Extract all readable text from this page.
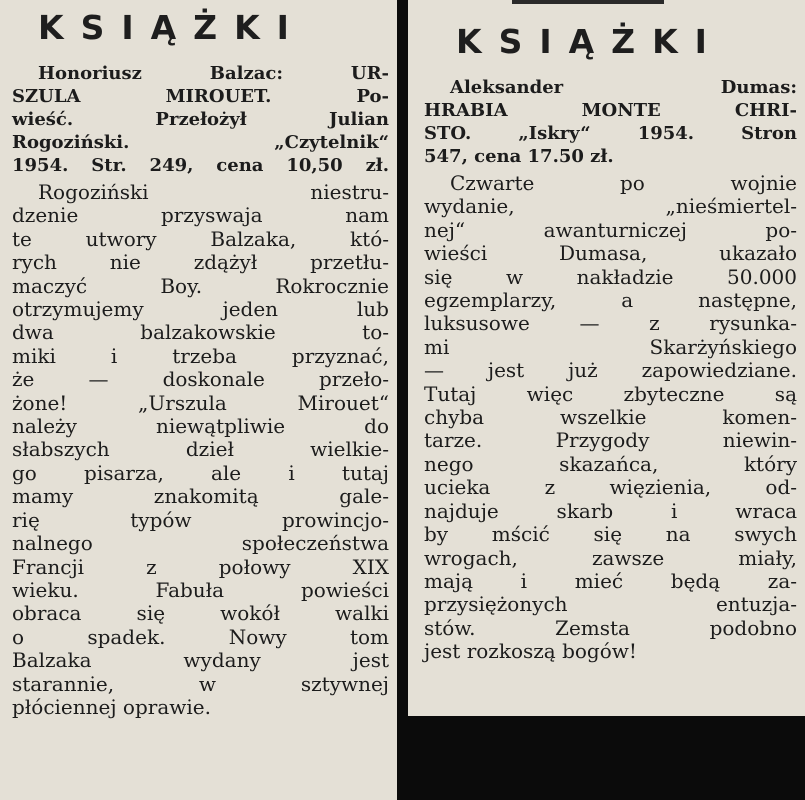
KSIĄŻKI
Honoriusz Balzac: UR-
SZULA MIROUET. Po-
wieść. Przełożył Julian
Rogoziński. „Czytelnik“
1954. Str. 249, cena 10,50 zł.
Rogoziński niestru-
dzenie przyswaja nam
te utwory Balzaka, któ-
rych nie zdążył przetłu-
maczyć Boy. Rokrocznie
otrzymujemy jeden lub
dwa balzakowskie to-
miki i trzeba przyznać,
że — doskonale przeło-
żone! „Urszula Mirouet“
należy niewątpliwie do
słabszych dzieł wielkie-
go pisarza, ale i tutaj
mamy znakomitą gale-
rię typów prowincjo-
nalnego społeczeństwa
Francji z połowy XIX
wieku. Fabuła powieści
obraca się wokół walki
o spadek. Nowy tom
Balzaka wydany jest
starannie, w sztywnej
płóciennej oprawie.
KSIĄŻKI
Aleksander Dumas:
HRABIA MONTE CHRI-
STO. „Iskry“ 1954. Stron
547, cena 17.50 zł.
Czwarte po wojnie
wydanie, „nieśmiertel-
nej“ awanturniczej po-
wieści Dumasa, ukazało
się w nakładzie 50.000
egzemplarzy, a następne,
luksusowe — z rysunka-
mi Skarżyńskiego
— jest już zapowiedziane.
Tutaj więc zbyteczne są
chyba wszelkie komen-
tarze. Przygody niewin-
nego skazańca, który
ucieka z więzienia, od-
najduje skarb i wraca
by mścić się na swych
wrogach, zawsze miały,
mają i mieć będą za-
przysiężonych entuzja-
stów. Zemsta podobno
jest rozkoszą bogów!
